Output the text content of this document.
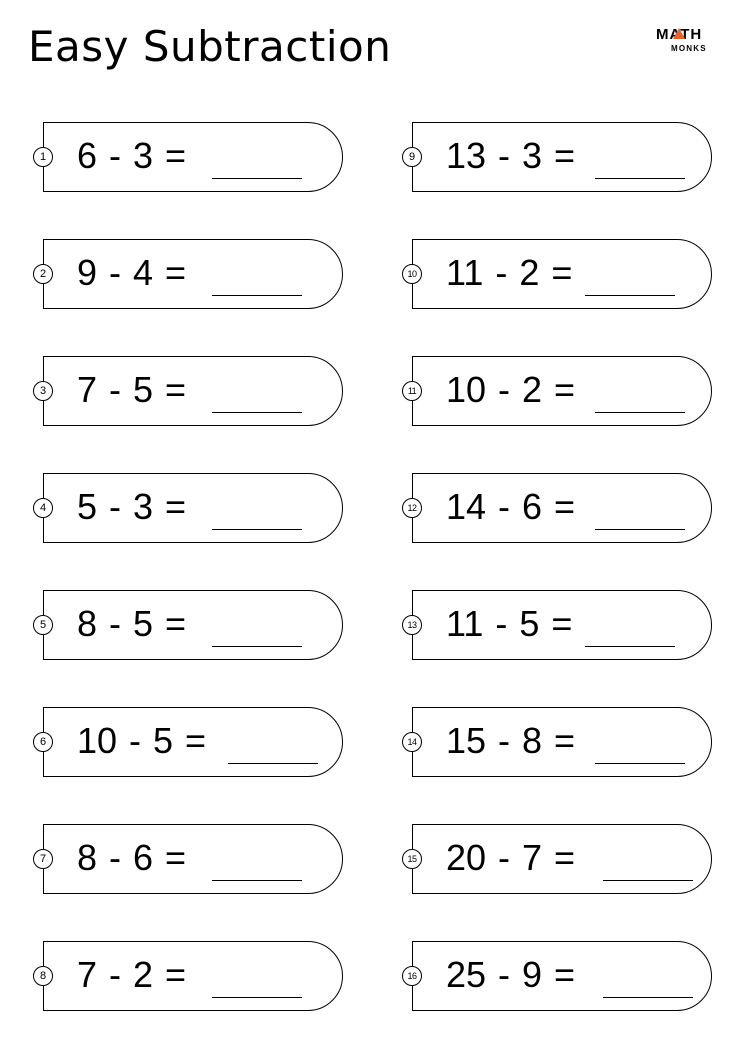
Easy Subtraction	MATH
MONKS
1 6 - 3 =
2 9 - 4 =
3 7 - 5 =
4 5 - 3 =
5 8 - 5 =
6 10 - 5 =
7 8 - 6 =
8 7 - 2 =
9 13 - 3 =
10 11 - 2 =
11 10 - 2 =
12 14 - 6 =
13 11 - 5 =
14 15 - 8 =
15 20 - 7 =
16 25 - 9 =
